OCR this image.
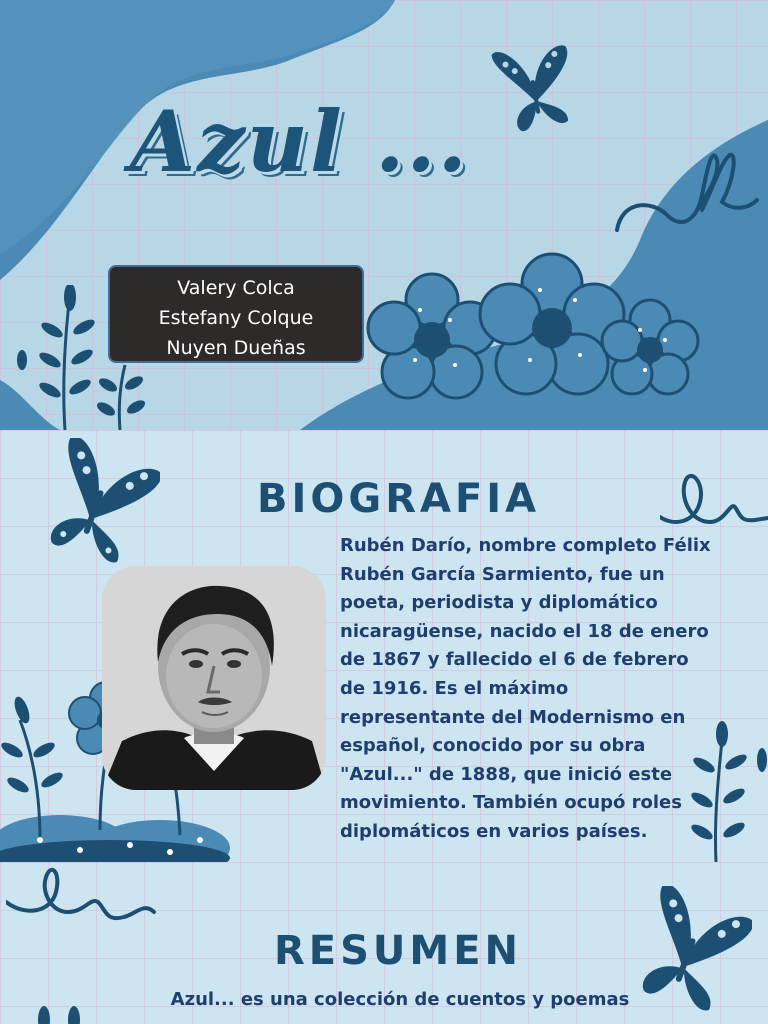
Azul ...
Valery Colca
Estefany Colque
Nuyen Dueñas
BIOGRAFIA
Rubén Darío, nombre completo Félix
Rubén García Sarmiento, fue un
poeta, periodista y diplomático
nicaragüense, nacido el 18 de enero
de 1867 y fallecido el 6 de febrero
de 1916. Es el máximo
representante del Modernismo en
español, conocido por su obra
"Azul..." de 1888, que inició este
movimiento. También ocupó roles
diplomáticos en varios países.
RESUMEN
Azul... es una colección de cuentos y poemas
